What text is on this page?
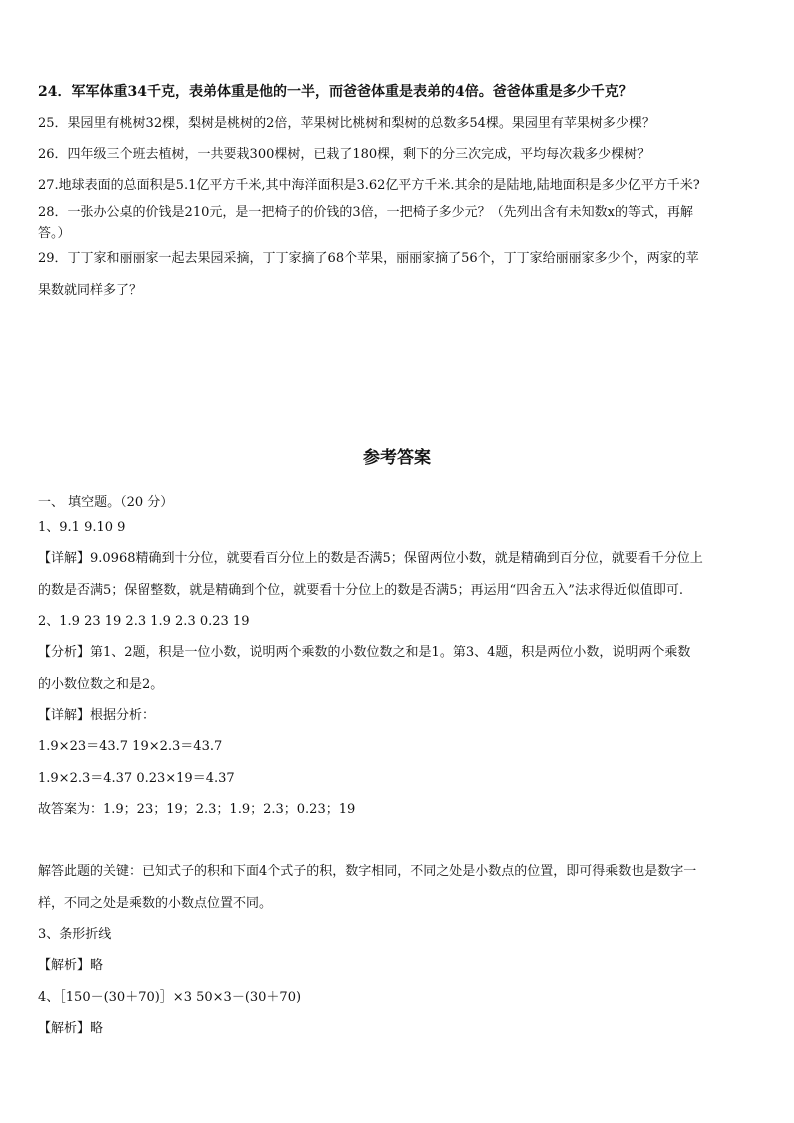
24．军军体重34千克，表弟体重是他的一半，而爸爸体重是表弟的4倍。爸爸体重是多少千克？
25．果园里有桃树32棵，梨树是桃树的2倍，苹果树比桃树和梨树的总数多54棵。果园里有苹果树多少棵？
26．四年级三个班去植树，一共要栽300棵树，已栽了180棵，剩下的分三次完成，平均每次栽多少棵树？
27.地球表面的总面积是5.1亿平方千米,其中海洋面积是3.62亿平方千米.其余的是陆地,陆地面积是多少亿平方千米?
28．一张办公桌的价钱是210元，是一把椅子的价钱的3倍，一把椅子多少元？（先列出含有未知数x的等式，再解
答。）
29．丁丁家和丽丽家一起去果园采摘，丁丁家摘了68个苹果，丽丽家摘了56个，丁丁家给丽丽家多少个，两家的苹
果数就同样多了？
参考答案
一、 填空题。（20 分）
1、9.1 9.10 9
【详解】9.0968精确到十分位，就要看百分位上的数是否满5；保留两位小数，就是精确到百分位，就要看千分位上
的数是否满5；保留整数，就是精确到个位，就要看十分位上的数是否满5；再运用“四舍五入”法求得近似值即可.
2、1.9 23 19 2.3 1.9 2.3 0.23 19
【分析】第1、2题，积是一位小数，说明两个乘数的小数位数之和是1。第3、4题，积是两位小数，说明两个乘数
的小数位数之和是2。
【详解】根据分析：
1.9×23＝43.7 19×2.3＝43.7
1.9×2.3＝4.37 0.23×19＝4.37
故答案为：1.9；23；19；2.3；1.9；2.3；0.23；19
解答此题的关键：已知式子的积和下面4个式子的积，数字相同，不同之处是小数点的位置，即可得乘数也是数字一
样，不同之处是乘数的小数点位置不同。
3、条形折线
【解析】略
4、［150－(30＋70)］×3 50×3－(30＋70)
【解析】略
